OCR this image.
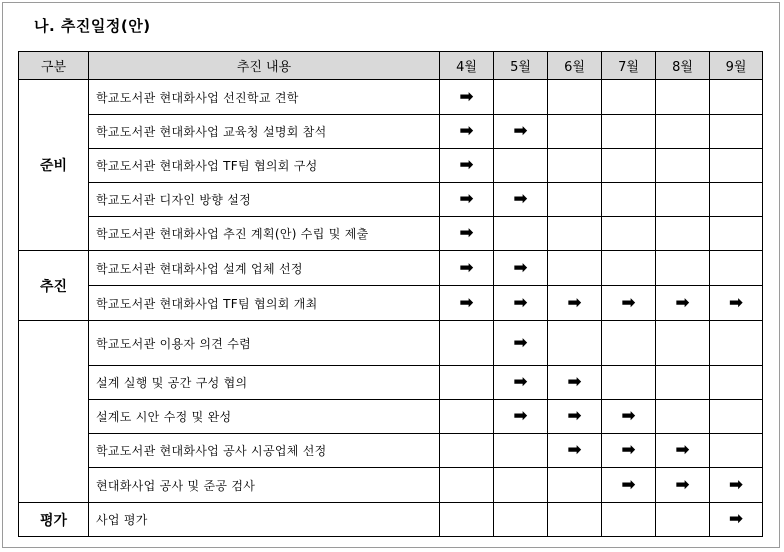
나. 추진일정(안)
구분	추진 내용	4월	5월	6월	7월	8월	9월
준비	학교도서관 현대화사업 선진학교 견학	➡					
	학교도서관 현대화사업 교육청 설명회 참석	➡	➡				
	학교도서관 현대화사업 TF팀 협의회 구성	➡					
	학교도서관 디자인 방향 설정	➡	➡				
	학교도서관 현대화사업 추진 계획(안) 수립 및 제출	➡					
추진	학교도서관 현대화사업 설계 업체 선정	➡	➡				
	학교도서관 현대화사업 TF팀 협의회 개최	➡	➡	➡	➡	➡	➡
	학교도서관 이용자 의견 수렴		➡				
	설계 실행 및 공간 구성 협의		➡	➡			
	설계도 시안 수정 및 완성		➡	➡	➡		
	학교도서관 현대화사업 공사 시공업체 선정			➡	➡	➡	
	현대화사업 공사 및 준공 검사				➡	➡	➡
평가	사업 평가						➡
